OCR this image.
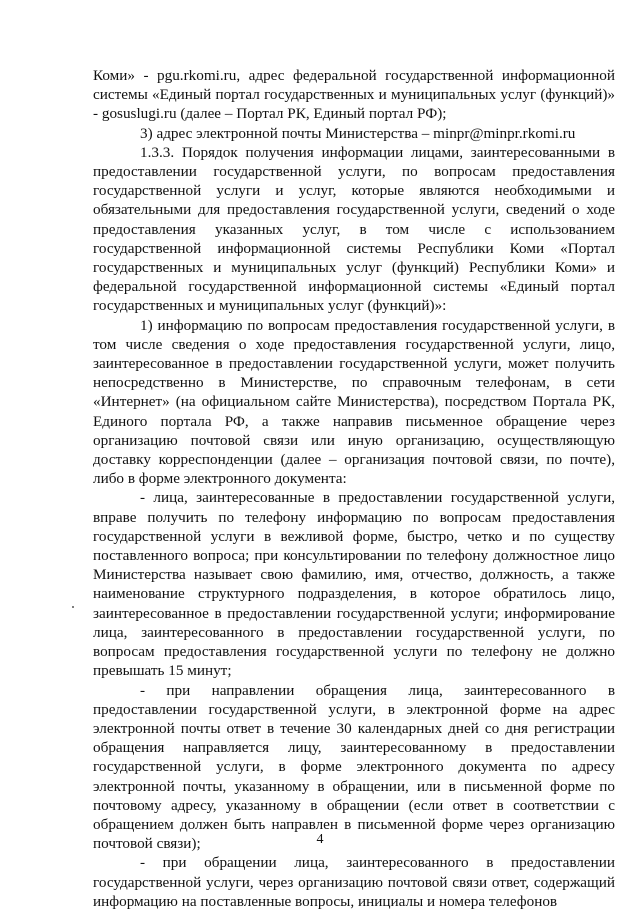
Коми» - pgu.rkomi.ru, адрес федеральной государственной информационной системы «Единый портал государственных и муниципальных услуг (функций)» - gosuslugi.ru (далее – Портал РК, Единый портал РФ);

3) адрес электронной почты Министерства – minpr@minpr.rkomi.ru

1.3.3. Порядок получения информации лицами, заинтересованными в предоставлении государственной услуги, по вопросам предоставления государственной услуги и услуг, которые являются необходимыми и обязательными для предоставления государственной услуги, сведений о ходе предоставления указанных услуг, в том числе с использованием государственной информационной системы Республики Коми «Портал государственных и муниципальных услуг (функций) Республики Коми» и федеральной государственной информационной системы «Единый портал государственных и муниципальных услуг (функций)»:

1) информацию по вопросам предоставления государственной услуги, в том числе сведения о ходе предоставления государственной услуги, лицо, заинтересованное в предоставлении государственной услуги, может получить непосредственно в Министерстве, по справочным телефонам, в сети «Интернет» (на официальном сайте Министерства), посредством Портала РК, Единого портала РФ, а также направив письменное обращение через организацию почтовой связи или иную организацию, осуществляющую доставку корреспонденции (далее – организация почтовой связи, по почте), либо в форме электронного документа:

- лица, заинтересованные в предоставлении государственной услуги, вправе получить по телефону информацию по вопросам предоставления государственной услуги в вежливой форме, быстро, четко и по существу поставленного вопроса; при консультировании по телефону должностное лицо Министерства называет свою фамилию, имя, отчество, должность, а также наименование структурного подразделения, в которое обратилось лицо, заинтересованное в предоставлении государственной услуги; информирование лица, заинтересованного в предоставлении государственной услуги, по вопросам предоставления государственной услуги по телефону не должно превышать 15 минут;

- при направлении обращения лица, заинтересованного в предоставлении государственной услуги, в электронной форме на адрес электронной почты ответ в течение 30 календарных дней со дня регистрации обращения направляется лицу, заинтересованному в предоставлении государственной услуги, в форме электронного документа по адресу электронной почты, указанному в обращении, или в письменной форме по почтовому адресу, указанному в обращении (если ответ в соответствии с обращением должен быть направлен в письменной форме через организацию почтовой связи);

- при обращении лица, заинтересованного в предоставлении государственной услуги, через организацию почтовой связи ответ, содержащий информацию на поставленные вопросы, инициалы и номера телефонов

4
